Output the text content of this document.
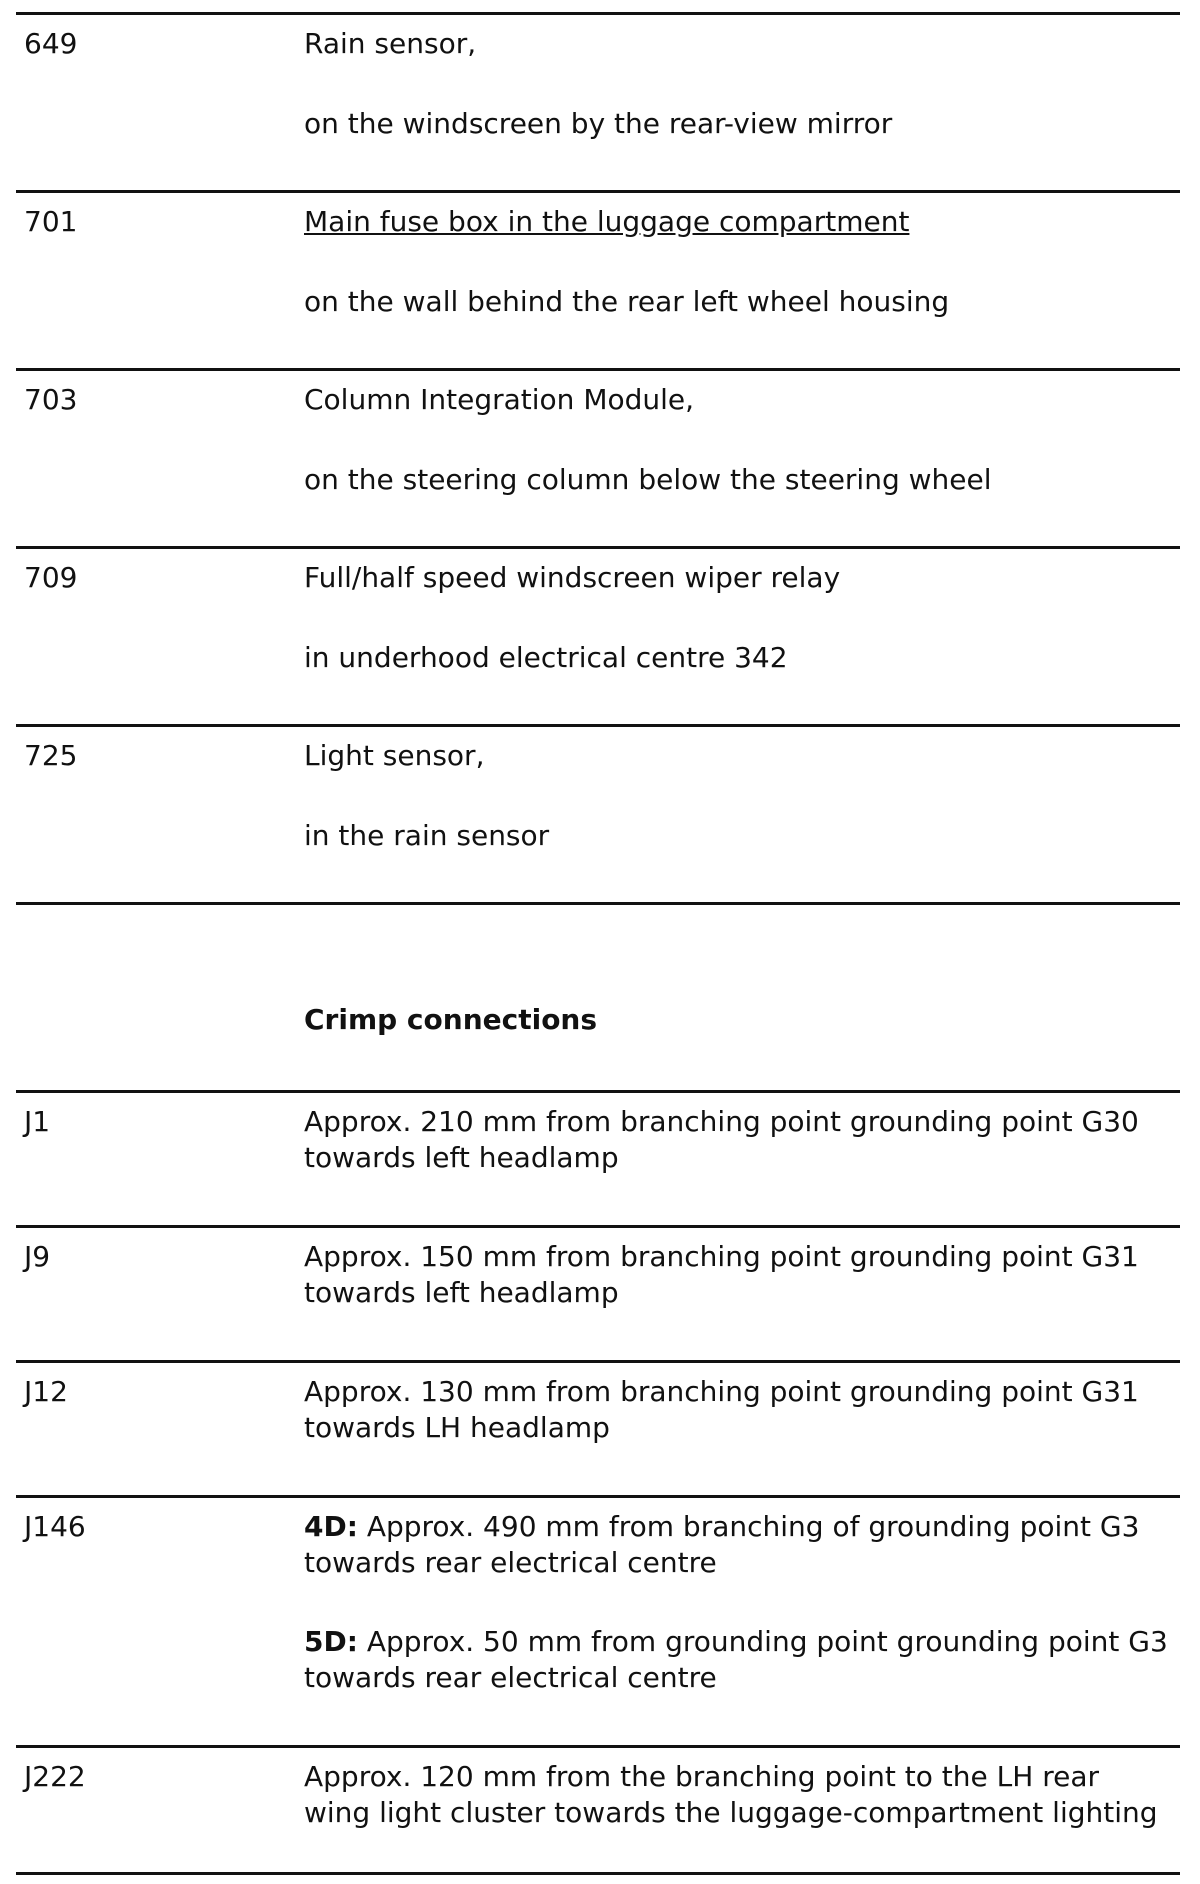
649	Rain sensor,
on the windscreen by the rear-view mirror
701	Main fuse box in the luggage compartment
on the wall behind the rear left wheel housing
703	Column Integration Module,
on the steering column below the steering wheel
709	Full/half speed windscreen wiper relay
in underhood electrical centre 342
725	Light sensor,
in the rain sensor
Crimp connections
J1	Approx. 210 mm from branching point grounding point G30 towards left headlamp
J9	Approx. 150 mm from branching point grounding point G31 towards left headlamp
J12	Approx. 130 mm from branching point grounding point G31 towards LH headlamp
J146	4D: Approx. 490 mm from branching of grounding point G3 towards rear electrical centre
5D: Approx. 50 mm from grounding point grounding point G3 towards rear electrical centre
J222	Approx. 120 mm from the branching point to the LH rear wing light cluster towards the luggage-compartment lighting
